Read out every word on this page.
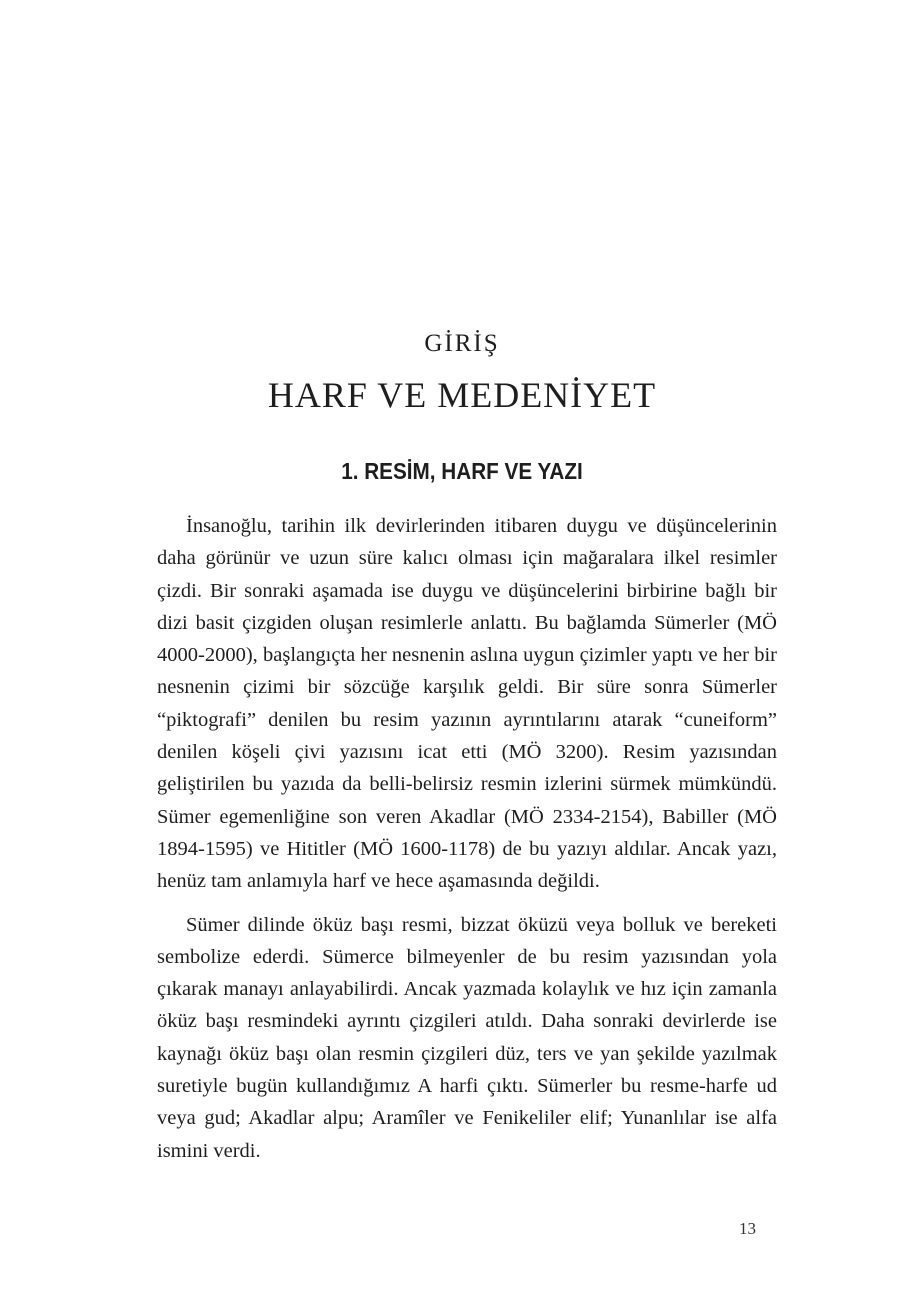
GİRİŞ
HARF VE MEDENİYET
1. RESİM, HARF VE YAZI

İnsanoğlu, tarihin ilk devirlerinden itibaren duygu ve düşüncelerinin daha görünür ve uzun süre kalıcı olması için mağaralara ilkel resimler çizdi. Bir sonraki aşamada ise duygu ve düşüncelerini birbirine bağlı bir dizi basit çizgiden oluşan resimlerle anlattı. Bu bağlamda Sümerler (MÖ 4000-2000), başlangıçta her nesnenin aslına uygun çizimler yaptı ve her bir nesnenin çizimi bir sözcüğe karşılık geldi. Bir süre sonra Sümerler “piktografi” denilen bu resim yazının ayrıntılarını atarak “cuneiform” denilen köşeli çivi yazısını icat etti (MÖ 3200). Resim yazısından geliştirilen bu yazıda da belli-belirsiz resmin izlerini sürmek mümkündü. Sümer egemenliğine son veren Akadlar (MÖ 2334-2154), Babiller (MÖ 1894-1595) ve Hititler (MÖ 1600-1178) de bu yazıyı aldılar. Ancak yazı, henüz tam anlamıyla harf ve hece aşamasında değildi.

Sümer dilinde öküz başı resmi, bizzat öküzü veya bolluk ve bereketi sembolize ederdi. Sümerce bilmeyenler de bu resim yazısından yola çıkarak manayı anlayabilirdi. Ancak yazmada kolaylık ve hız için zamanla öküz başı resmindeki ayrıntı çizgileri atıldı. Daha sonraki devirlerde ise kaynağı öküz başı olan resmin çizgileri düz, ters ve yan şekilde yazılmak suretiyle bugün kullandığımız A harfi çıktı. Sümerler bu resme-harfe ud veya gud; Akadlar alpu; Aramîler ve Fenikeliler elif; Yunanlılar ise alfa ismini verdi.

13
